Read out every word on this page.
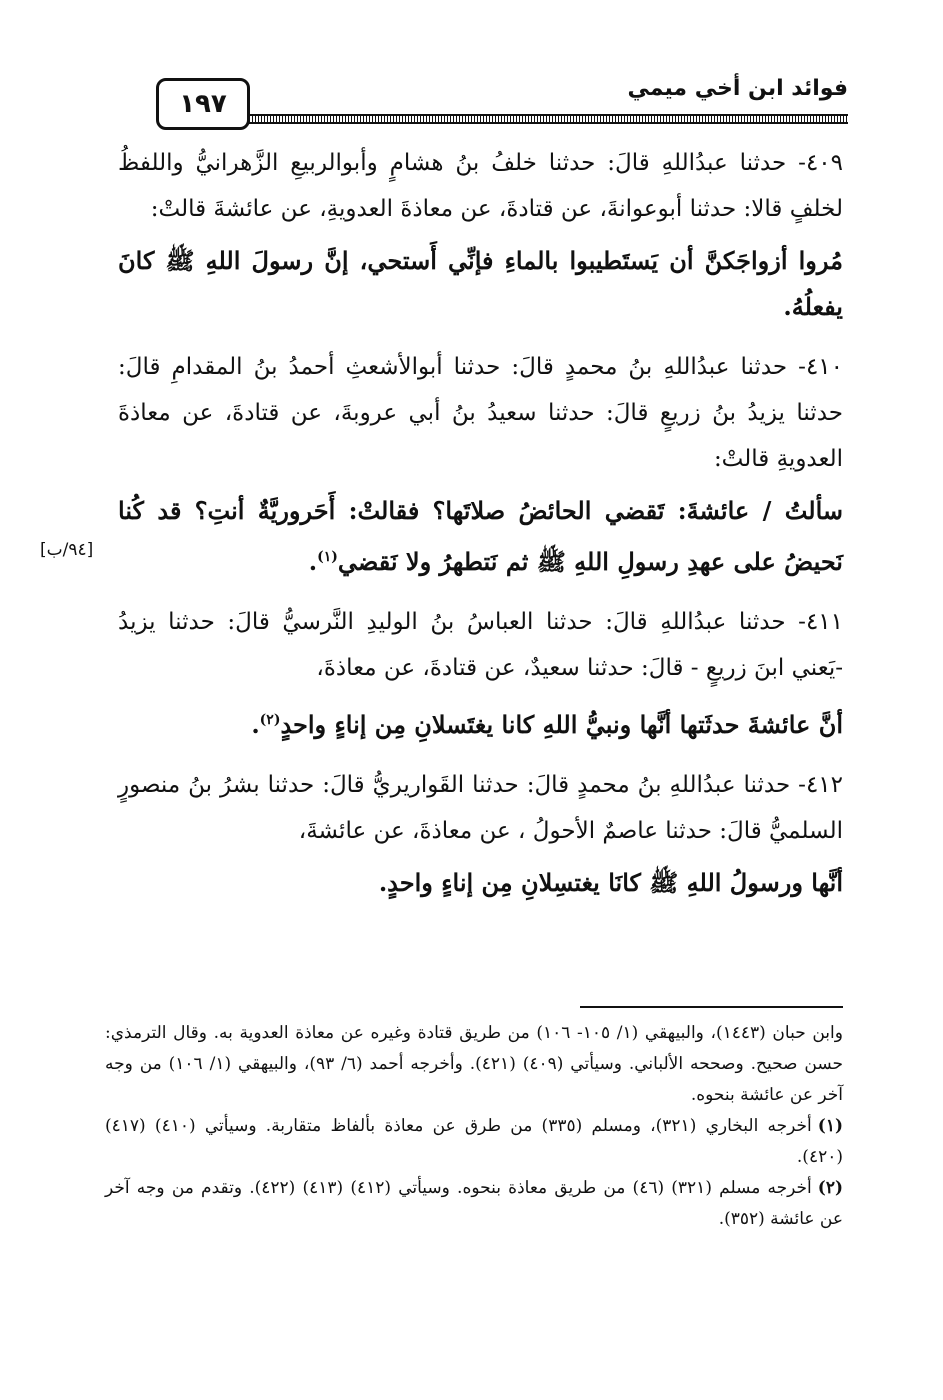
فوائد ابن أخي ميمي
١٩٧

٤٠٩- حدثنا عبدُاللهِ قالَ: حدثنا خلفُ بنُ هشامٍ وأبوالربيعِ الزَّهرانيُّ واللفظُ لخلفٍ قالا: حدثنا أبوعوانةَ، عن قتادةَ، عن معاذةَ العدويةِ، عن عائشةَ قالتْ:

مُروا أزواجَكنَّ أن يَستَطيبوا بالماءِ فإنِّي أَستحي، إنَّ رسولَ اللهِ ﷺ كانَ يفعلُهُ.

٤١٠- حدثنا عبدُاللهِ بنُ محمدٍ قالَ: حدثنا أبوالأشعثِ أحمدُ بنُ المقدامِ قالَ: حدثنا يزيدُ بنُ زريعٍ قالَ: حدثنا سعيدُ بنُ أبي عروبةَ، عن قتادةَ، عن معاذةَ العدويةِ قالتْ:

سألتُ / عائشةَ: تَقضي الحائضُ صلاتَها؟ فقالتْ: أَحَروريَّةٌ أنتِ؟ قد كُنا نَحيضُ على عهدِ رسولِ اللهِ ﷺ ثم نَتطهرُ ولا نَقضي$^{(١)}$.

٤١١- حدثنا عبدُاللهِ قالَ: حدثنا العباسُ بنُ الوليدِ النَّرسيُّ قالَ: حدثنا يزيدُ -يَعني ابنَ زريعٍ - قالَ: حدثنا سعيدٌ، عن قتادةَ، عن معاذةَ،

أنَّ عائشةَ حدثَتها أنَّها ونبيُّ اللهِ كانا يغتَسلانِ مِن إناءٍ واحدٍ$^{(٢)}$.

٤١٢- حدثنا عبدُاللهِ بنُ محمدٍ قالَ: حدثنا القَواريريُّ قالَ: حدثنا بشرُ بنُ منصورٍ السلميُّ قالَ: حدثنا عاصمٌ الأحولُ ، عن معاذةَ، عن عائشةَ،

أنَّها ورسولُ اللهِ ﷺ كانَا يغتسِلانِ مِن إناءٍ واحدٍ.

[٩٤/ب]

وابن حبان (١٤٤٣)، والبيهقي (١/ ١٠٥- ١٠٦) من طريق قتادة وغيره عن معاذة العدوية به. وقال الترمذي: حسن صحيح. وصححه الألباني. وسيأتي (٤٠٩) (٤٢١). وأخرجه أحمد (٦/ ٩٣)، والبيهقي (١/ ١٠٦) من وجه آخر عن عائشة بنحوه.

(١)أخرجه البخاري (٣٢١)، ومسلم (٣٣٥) من طرق عن معاذة بألفاظ متقاربة. وسيأتي (٤١٠) (٤١٧) (٤٢٠).

(٢)أخرجه مسلم (٣٢١) (٤٦) من طريق معاذة بنحوه. وسيأتي (٤١٢) (٤١٣) (٤٢٢). وتقدم من وجه آخر عن عائشة (٣٥٢).
